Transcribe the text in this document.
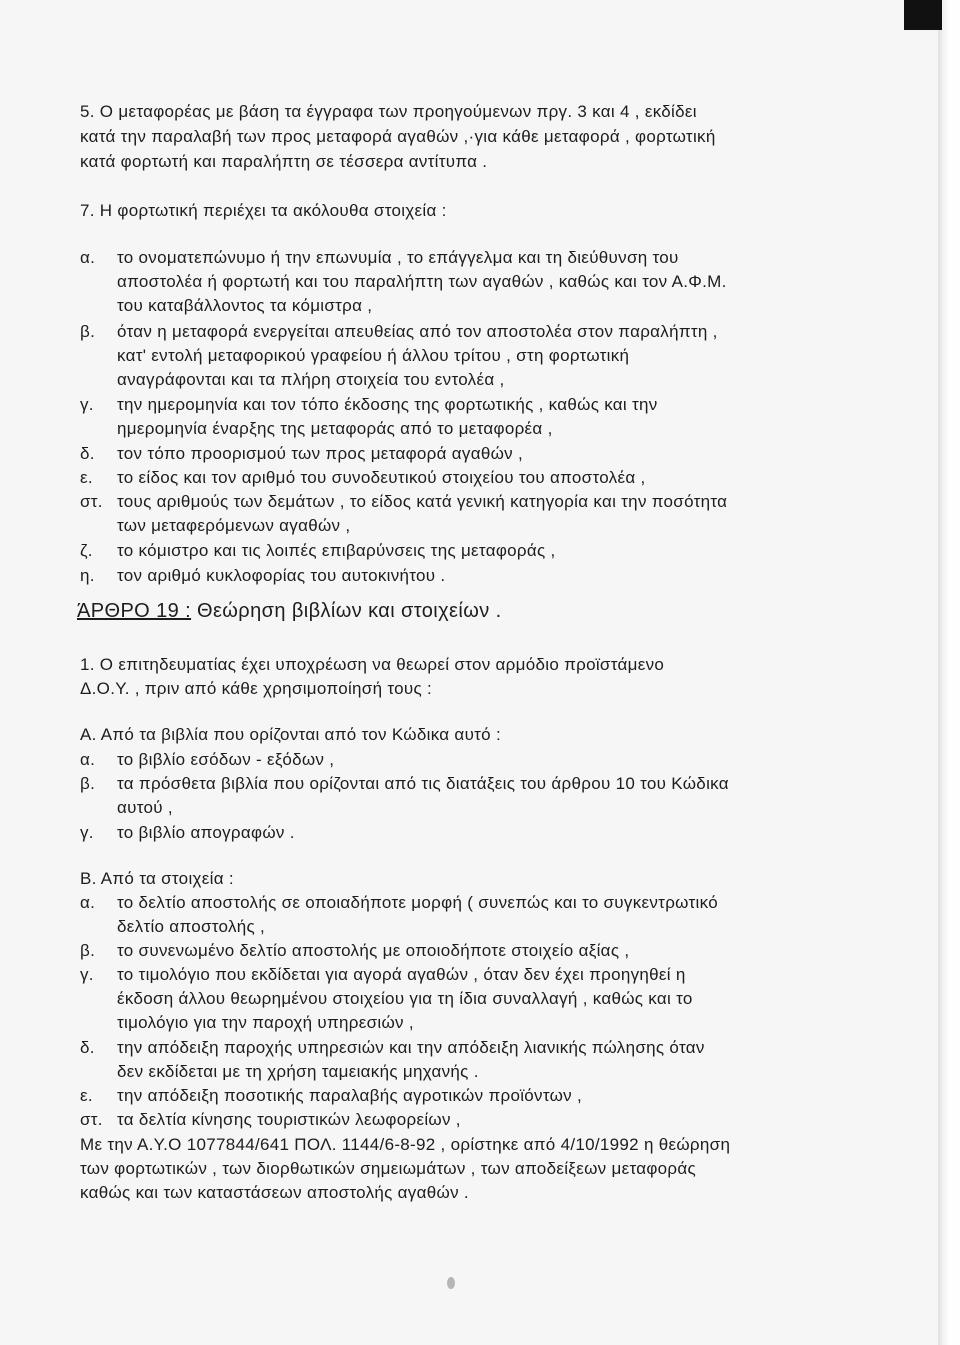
5. Ο μεταφορέας με βάση τα έγγραφα των προηγούμενων πργ. 3 και 4 , εκδίδει
κατά την παραλαβή των προς μεταφορά αγαθών ,·για κάθε μεταφορά , φορτωτική
κατά φορτωτή και παραλήπτη σε τέσσερα αντίτυπα .
7. Η φορτωτική περιέχει τα ακόλουθα στοιχεία :
α. το ονοματεπώνυμο ή την επωνυμία , το επάγγελμα και τη διεύθυνση του
αποστολέα ή φορτωτή και του παραλήπτη των αγαθών , καθώς και τον Α.Φ.Μ.
του καταβάλλοντος τα κόμιστρα ,
β. όταν η μεταφορά ενεργείται απευθείας από τον αποστολέα στον παραλήπτη ,
κατ' εντολή μεταφορικού γραφείου ή άλλου τρίτου , στη φορτωτική
αναγράφονται και τα πλήρη στοιχεία του εντολέα ,
γ. την ημερομηνία και τον τόπο έκδοσης της φορτωτικής , καθώς και την
ημερομηνία έναρξης της μεταφοράς από το μεταφορέα ,
δ. τον τόπο προορισμού των προς μεταφορά αγαθών ,
ε. το είδος και τον αριθμό του συνοδευτικού στοιχείου του αποστολέα ,
στ. τους αριθμούς των δεμάτων , το είδος κατά γενική κατηγορία και την ποσότητα
των μεταφερόμενων αγαθών ,
ζ. το κόμιστρο και τις λοιπές επιβαρύνσεις της μεταφοράς ,
η. τον αριθμό κυκλοφορίας του αυτοκινήτου .
ΆΡΘΡΟ 19 : Θεώρηση βιβλίων και στοιχείων .
1. Ο επιτηδευματίας έχει υποχρέωση να θεωρεί στον αρμόδιο προϊστάμενο
Δ.Ο.Υ. , πριν από κάθε χρησιμοποίησή τους :
Α. Από τα βιβλία που ορίζονται από τον Κώδικα αυτό :
α. το βιβλίο εσόδων - εξόδων ,
β. τα πρόσθετα βιβλία που ορίζονται από τις διατάξεις του άρθρου 10 του Κώδικα
αυτού ,
γ. το βιβλίο απογραφών .
Β. Από τα στοιχεία :
α. το δελτίο αποστολής σε οποιαδήποτε μορφή ( συνεπώς και το συγκεντρωτικό
δελτίο αποστολής ,
β. το συνενωμένο δελτίο αποστολής με οποιοδήποτε στοιχείο αξίας ,
γ. το τιμολόγιο που εκδίδεται για αγορά αγαθών , όταν δεν έχει προηγηθεί η
έκδοση άλλου θεωρημένου στοιχείου για τη ίδια συναλλαγή , καθώς και το
τιμολόγιο για την παροχή υπηρεσιών ,
δ. την απόδειξη παροχής υπηρεσιών και την απόδειξη λιανικής πώλησης όταν
δεν εκδίδεται με τη χρήση ταμειακής μηχανής .
ε. την απόδειξη ποσοτικής παραλαβής αγροτικών προϊόντων ,
στ. τα δελτία κίνησης τουριστικών λεωφορείων ,
Με την Α.Υ.Ο 1077844/641 ΠΟΛ. 1144/6-8-92 , ορίστηκε από 4/10/1992 η θεώρηση
των φορτωτικών , των διορθωτικών σημειωμάτων , των αποδείξεων μεταφοράς
καθώς και των καταστάσεων αποστολής αγαθών .
